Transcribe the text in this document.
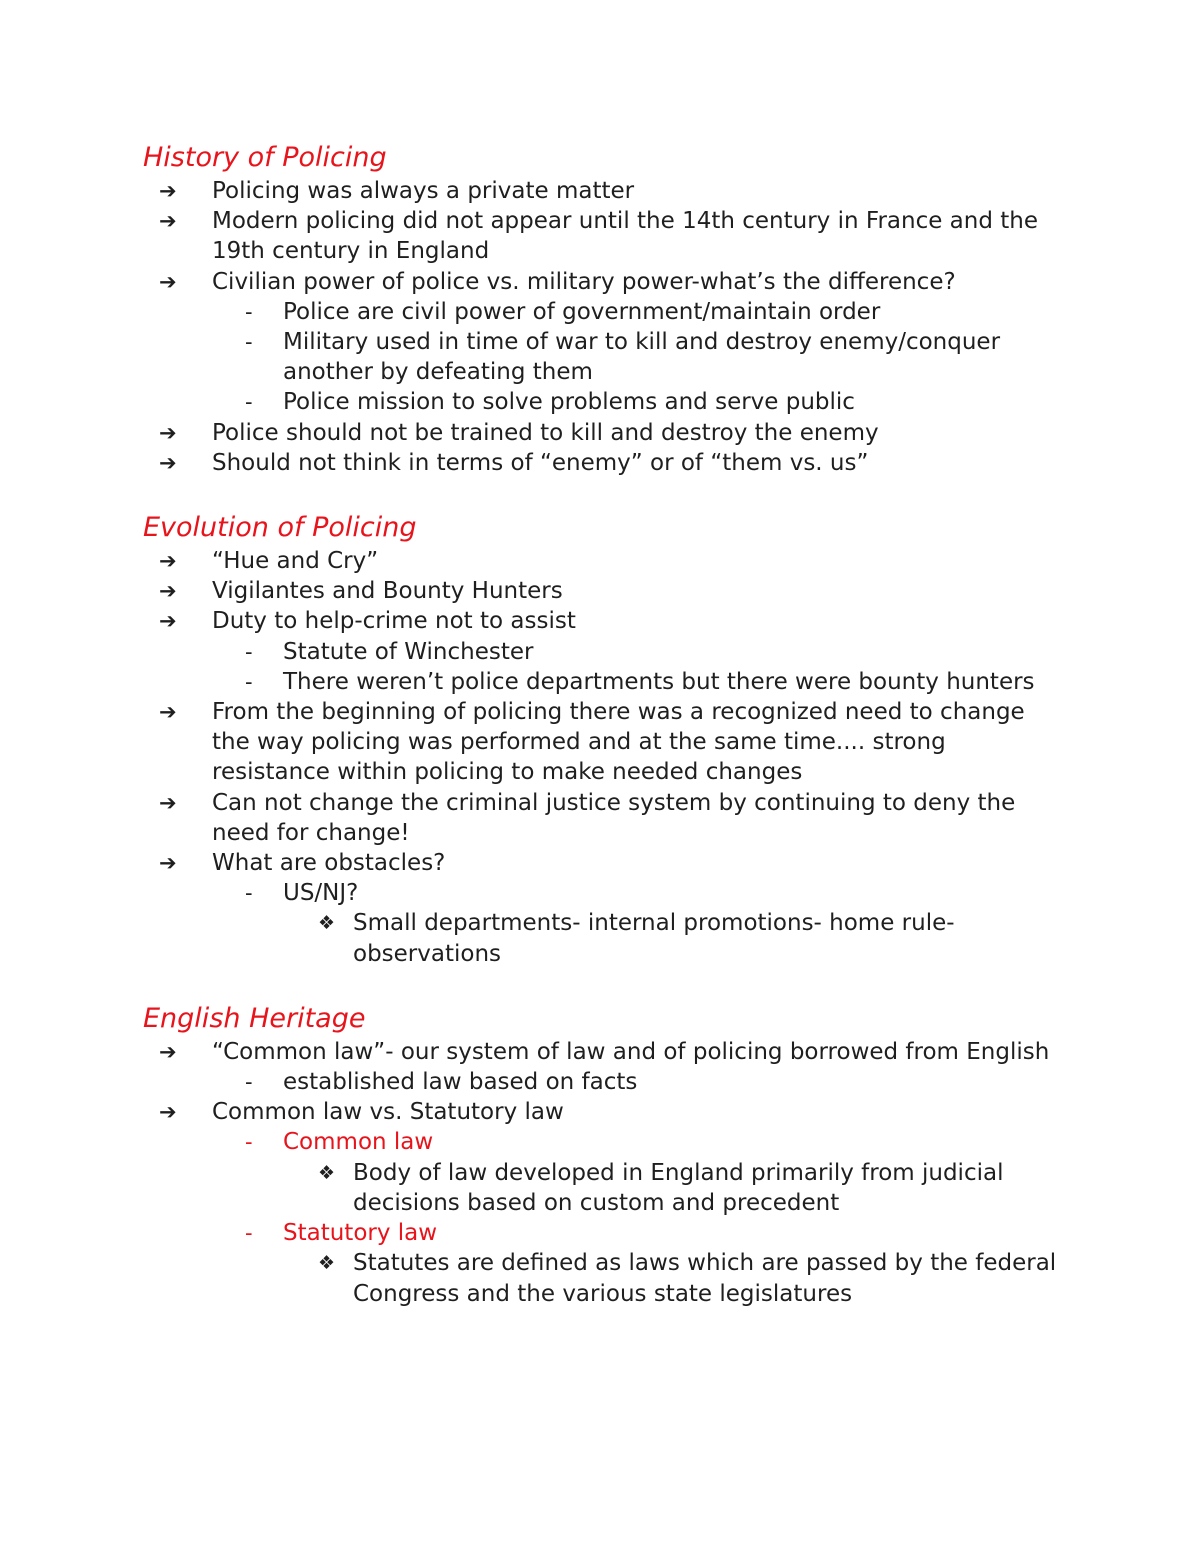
History of Policing
➔ Policing was always a private matter
➔ Modern policing did not appear until the 14th century in France and the 19th century in England
➔ Civilian power of police vs. military power-what’s the difference?
- Police are civil power of government/maintain order
- Military used in time of war to kill and destroy enemy/conquer another by defeating them
- Police mission to solve problems and serve public
➔ Police should not be trained to kill and destroy the enemy
➔ Should not think in terms of “enemy” or of “them vs. us”
Evolution of Policing
➔ “Hue and Cry”
➔ Vigilantes and Bounty Hunters
➔ Duty to help-crime not to assist
- Statute of Winchester
- There weren’t police departments but there were bounty hunters
➔ From the beginning of policing there was a recognized need to change the way policing was performed and at the same time.... strong resistance within policing to make needed changes
➔ Can not change the criminal justice system by continuing to deny the need for change!
➔ What are obstacles?
- US/NJ?
❖ Small departments- internal promotions- home rule- observations
English Heritage
➔ “Common law”- our system of law and of policing borrowed from English
- established law based on facts
➔ Common law vs. Statutory law
- Common law
❖ Body of law developed in England primarily from judicial decisions based on custom and precedent
- Statutory law
❖ Statutes are defined as laws which are passed by the federal Congress and the various state legislatures
